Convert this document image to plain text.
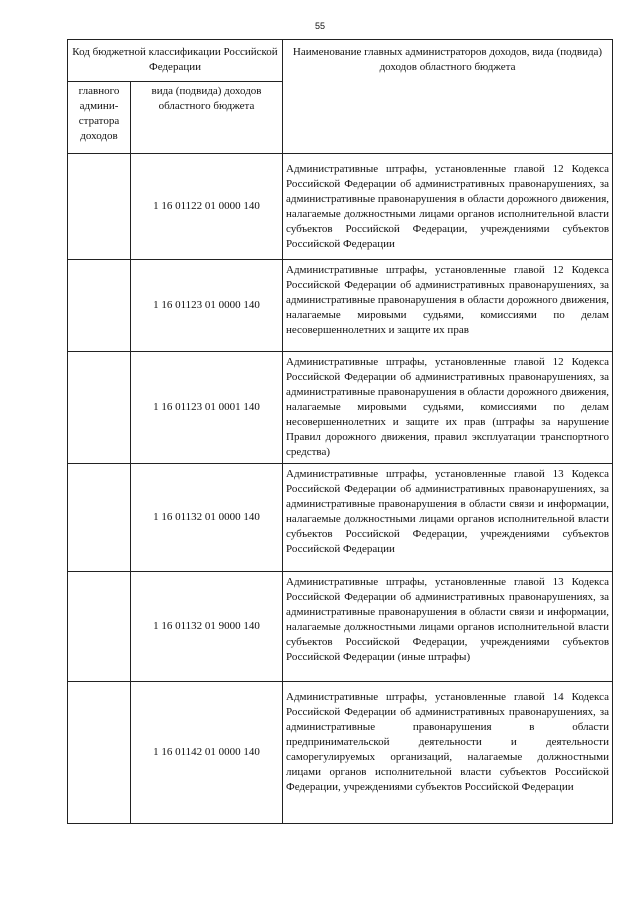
55
Код бюджетной классификации Российской Федерации		Наименование главных администраторов доходов, вида (подвида) доходов областного бюджета
главного админи-стратора доходов	вида (подвида) доходов областного бюджета	
	1 16 01122 01 0000 140	Административные штрафы, установленные главой 12 Кодекса Российской Федерации об административных правонарушениях, за административные правонарушения в области дорожного движения, налагаемые должностными лицами органов исполнительной власти субъектов Российской Федерации, учреждениями субъектов Российской Федерации
	1 16 01123 01 0000 140	Административные штрафы, установленные главой 12 Кодекса Российской Федерации об административных правонарушениях, за административные правонарушения в области дорожного движения, налагаемые мировыми судьями, комиссиями по делам несовершеннолетних и защите их прав
	1 16 01123 01 0001 140	Административные штрафы, установленные главой 12 Кодекса Российской Федерации об административных правонарушениях, за административные правонарушения в области дорожного движения, налагаемые мировыми судьями, комиссиями по делам несовершеннолетних и защите их прав (штрафы за нарушение Правил дорожного движения, правил эксплуатации транспортного средства)
	1 16 01132 01 0000 140	Административные штрафы, установленные главой 13 Кодекса Российской Федерации об административных правонарушениях, за административные правонарушения в области связи и информации, налагаемые должностными лицами органов исполнительной власти субъектов Российской Федерации, учреждениями субъектов Российской Федерации
	1 16 01132 01 9000 140	Административные штрафы, установленные главой 13 Кодекса Российской Федерации об административных правонарушениях, за административные правонарушения в области связи и информации, налагаемые должностными лицами органов исполнительной власти субъектов Российской Федерации, учреждениями субъектов Российской Федерации (иные штрафы)
	1 16 01142 01 0000 140	Административные штрафы, установленные главой 14 Кодекса Российской Федерации об административных правонарушениях, за административные правонарушения в области предпринимательской деятельности и деятельности саморегулируемых организаций, налагаемые должностными лицами органов исполнительной власти субъектов Российской Федерации, учреждениями субъектов Российской Федерации
